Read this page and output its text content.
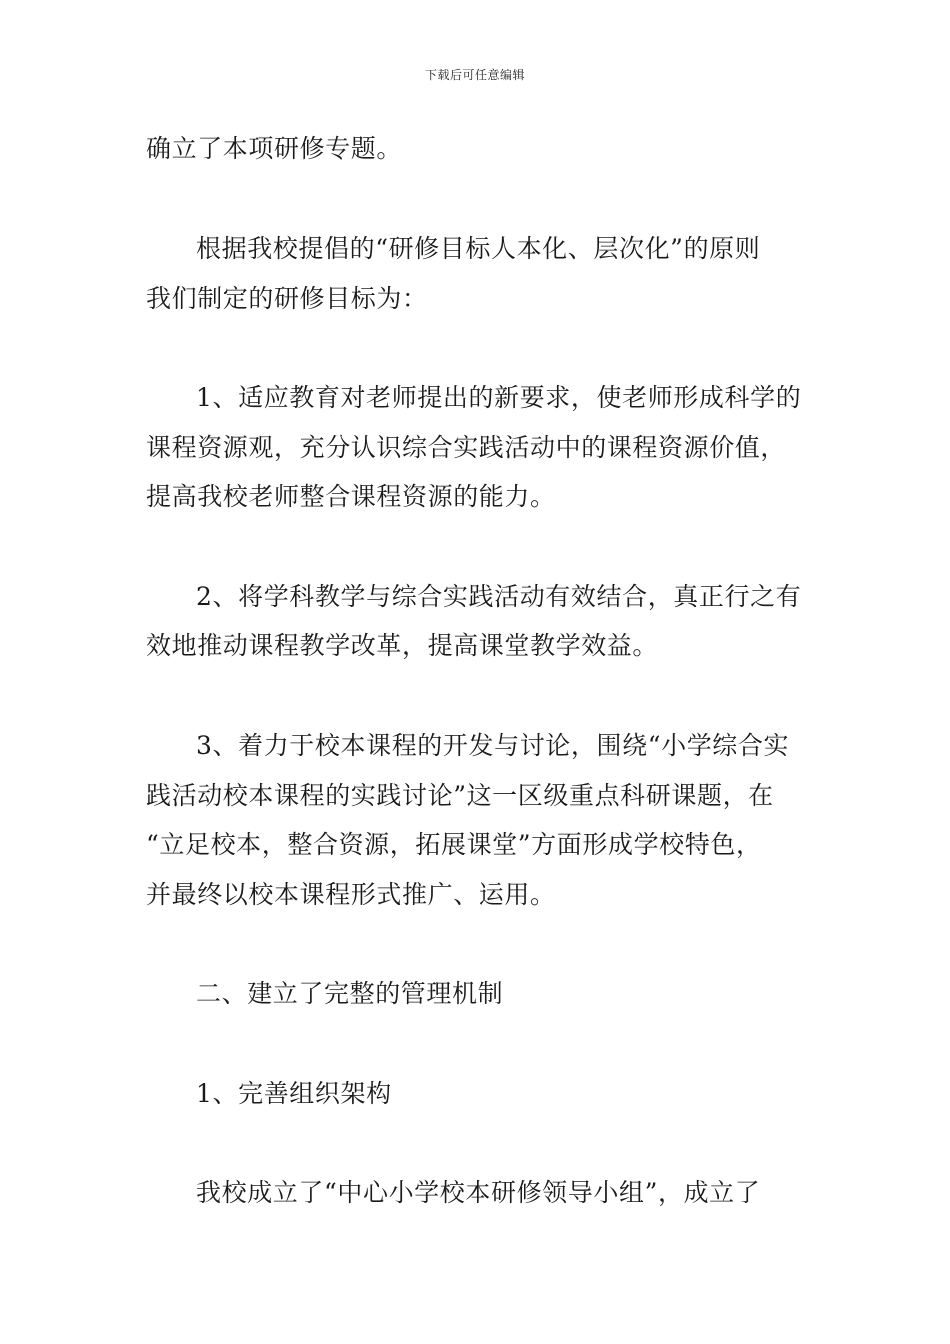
下载后可任意编辑
确立了本项研修专题。
根据我校提倡的“研修目标人本化、层次化”的原则
我们制定的研修目标为：
1、适应教育对老师提出的新要求，使老师形成科学的
课程资源观，充分认识综合实践活动中的课程资源价值，
提高我校老师整合课程资源的能力。
2、将学科教学与综合实践活动有效结合，真正行之有
效地推动课程教学改革，提高课堂教学效益。
3、着力于校本课程的开发与讨论，围绕“小学综合实
践活动校本课程的实践讨论”这一区级重点科研课题，在
“立足校本，整合资源，拓展课堂”方面形成学校特色，
并最终以校本课程形式推广、运用。
二、建立了完整的管理机制
1、完善组织架构
我校成立了“中心小学校本研修领导小组”，成立了
